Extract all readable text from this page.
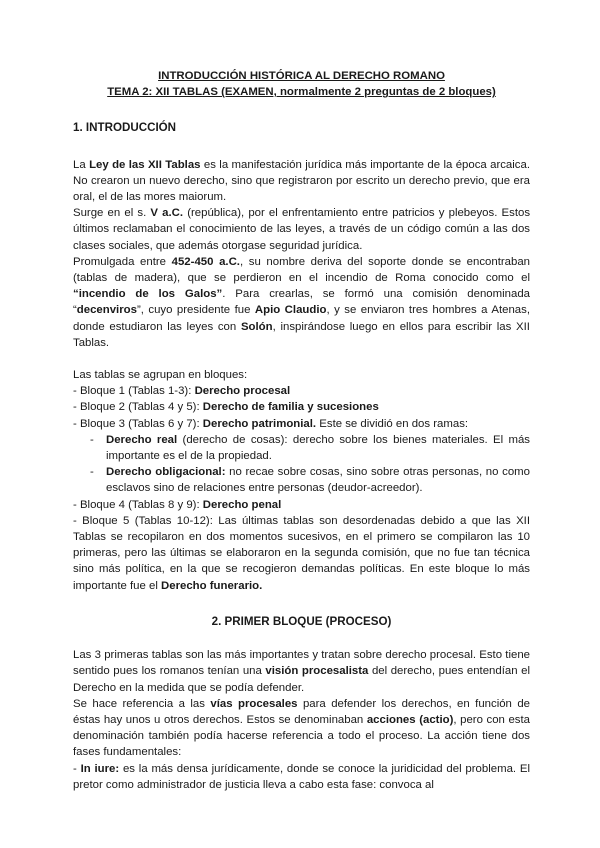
INTRODUCCIÓN HISTÓRICA AL DERECHO ROMANO

TEMA 2: XII TABLAS (EXAMEN, normalmente 2 preguntas de 2 bloques)

1. INTRODUCCIÓN

La Ley de las XII Tablas es la manifestación jurídica más importante de la época arcaica. No crearon un nuevo derecho, sino que registraron por escrito un derecho previo, que era oral, el de las mores maiorum.

Surge en el s. V a.C. (república), por el enfrentamiento entre patricios y plebeyos. Estos últimos reclamaban el conocimiento de las leyes, a través de un código común a las dos clases sociales, que además otorgase seguridad jurídica.

Promulgada entre 452-450 a.C., su nombre deriva del soporte donde se encontraban (tablas de madera), que se perdieron en el incendio de Roma conocido como el “incendio de los Galos”. Para crearlas, se formó una comisión denominada “decenviros”, cuyo presidente fue Apio Claudio, y se enviaron tres hombres a Atenas, donde estudiaron las leyes con Solón, inspirándose luego en ellos para escribir las XII Tablas.

Las tablas se agrupan en bloques:

- Bloque 1 (Tablas 1-3): Derecho procesal

- Bloque 2 (Tablas 4 y 5): Derecho de familia y sucesiones

- Bloque 3 (Tablas 6 y 7): Derecho patrimonial. Este se dividió en dos ramas:

-	Derecho real (derecho de cosas): derecho sobre los bienes materiales. El más importante es el de la propiedad.
-	Derecho obligacional: no recae sobre cosas, sino sobre otras personas, no como esclavos sino de relaciones entre personas (deudor-acreedor).

- Bloque 4 (Tablas 8 y 9): Derecho penal

- Bloque 5 (Tablas 10-12): Las últimas tablas son desordenadas debido a que las XII Tablas se recopilaron en dos momentos sucesivos, en el primero se compilaron las 10 primeras, pero las últimas se elaboraron en la segunda comisión, que no fue tan técnica sino más política, en la que se recogieron demandas políticas. En este bloque lo más importante fue el Derecho funerario.

2. PRIMER BLOQUE (PROCESO)

Las 3 primeras tablas son las más importantes y tratan sobre derecho procesal. Esto tiene sentido pues los romanos tenían una visión procesalista del derecho, pues entendían el Derecho en la medida que se podía defender.

Se hace referencia a las vías procesales para defender los derechos, en función de éstas hay unos u otros derechos. Estos se denominaban acciones (actio), pero con esta denominación también podía hacerse referencia a todo el proceso. La acción tiene dos fases fundamentales:

- In iure: es la más densa jurídicamente, donde se conoce la juridicidad del problema. El pretor como administrador de justicia lleva a cabo esta fase: convoca al
